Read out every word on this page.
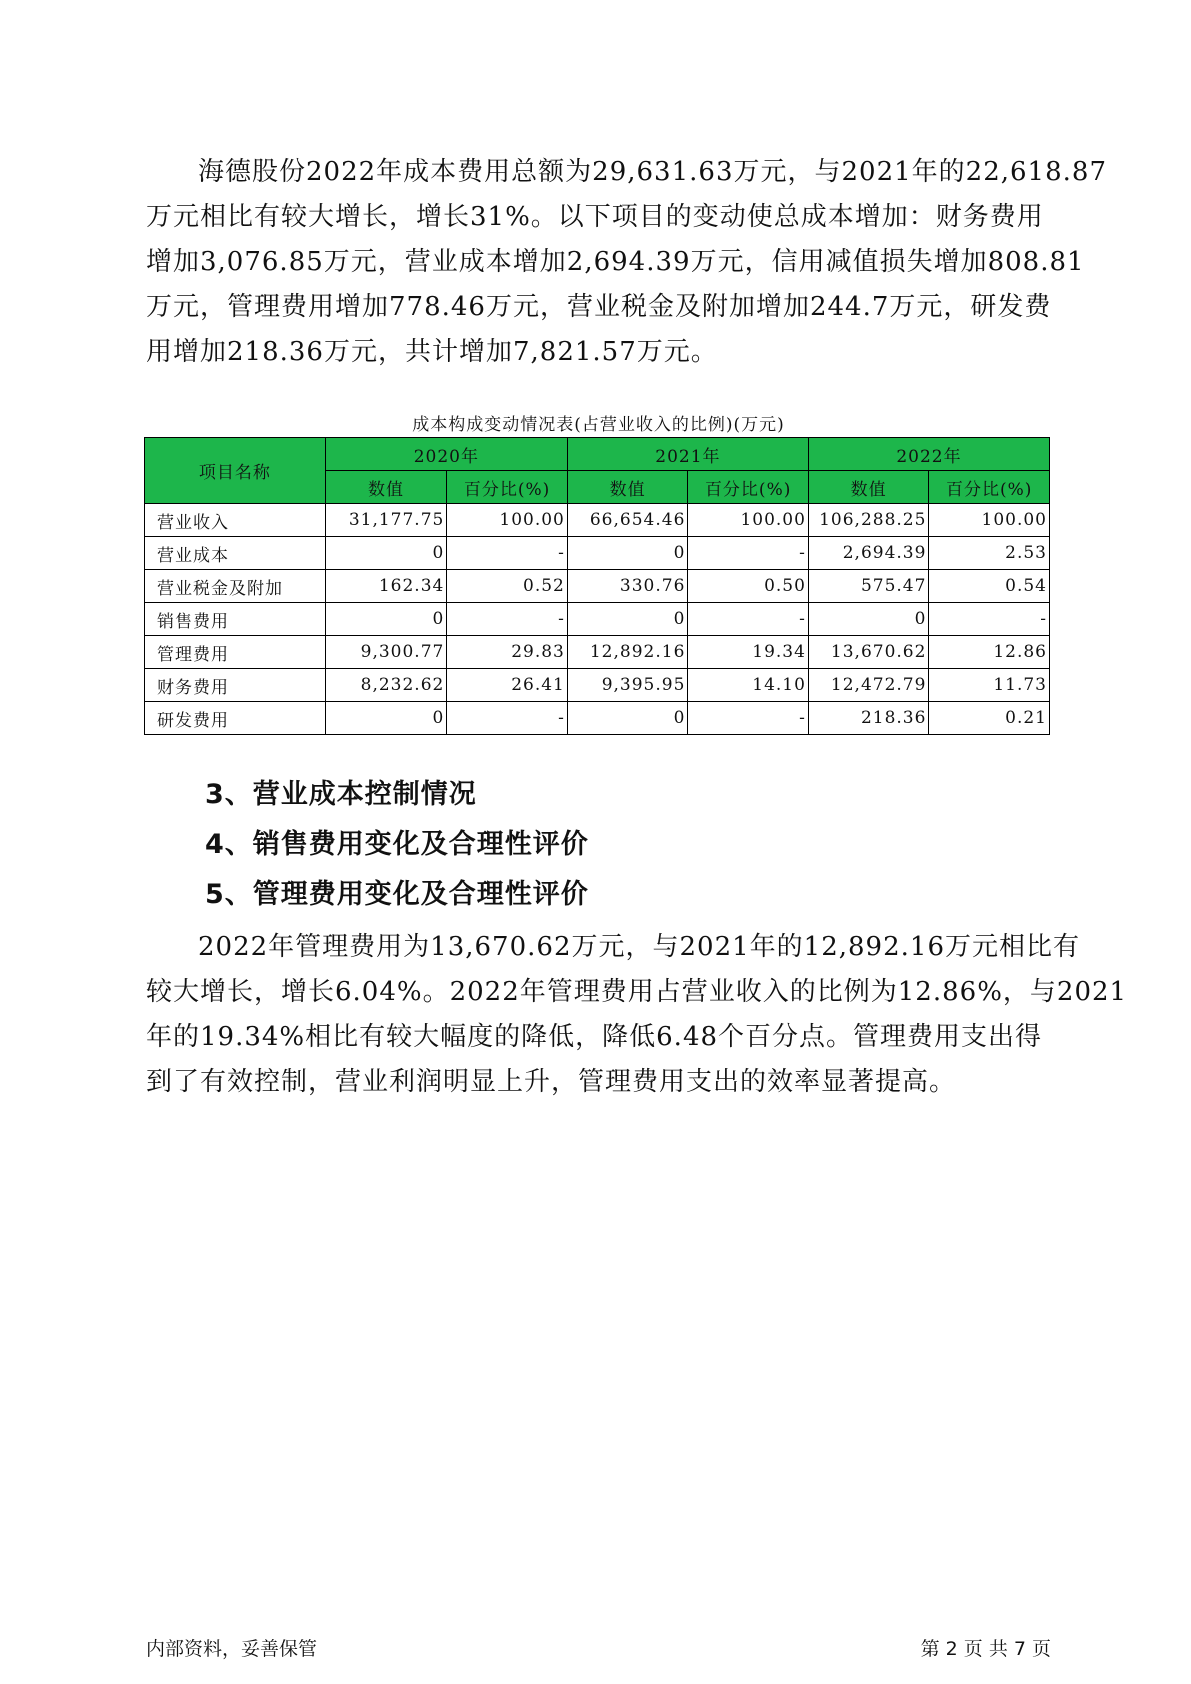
海德股份2022年成本费用总额为29,631.63万元，与2021年的22,618.87
万元相比有较大增长，增长31%。以下项目的变动使总成本增加：财务费用
增加3,076.85万元，营业成本增加2,694.39万元，信用减值损失增加808.81
万元，管理费用增加778.46万元，营业税金及附加增加244.7万元，研发费
用增加218.36万元，共计增加7,821.57万元。

成本构成变动情况表(占营业收入的比例)(万元)

项目名称	2020年		2021年		2022年	
	数值	百分比(%)	数值	百分比(%)	数值	百分比(%)
营业收入	31,177.75	100.00	66,654.46	100.00	106,288.25	100.00
营业成本	0	-	0	-	2,694.39	2.53
营业税金及附加	162.34	0.52	330.76	0.50	575.47	0.54
销售费用	0	-	0	-	0	-
管理费用	9,300.77	29.83	12,892.16	19.34	13,670.62	12.86
财务费用	8,232.62	26.41	9,395.95	14.10	12,472.79	11.73
研发费用	0	-	0	-	218.36	0.21
3、营业成本控制情况
4、销售费用变化及合理性评价
5、管理费用变化及合理性评价
2022年管理费用为13,670.62万元，与2021年的12,892.16万元相比有
较大增长，增长6.04%。2022年管理费用占营业收入的比例为12.86%，与2021
年的19.34%相比有较大幅度的降低，降低6.48个百分点。管理费用支出得
到了有效控制，营业利润明显上升，管理费用支出的效率显著提高。
内部资料，妥善保管	第 2 页 共 7 页
